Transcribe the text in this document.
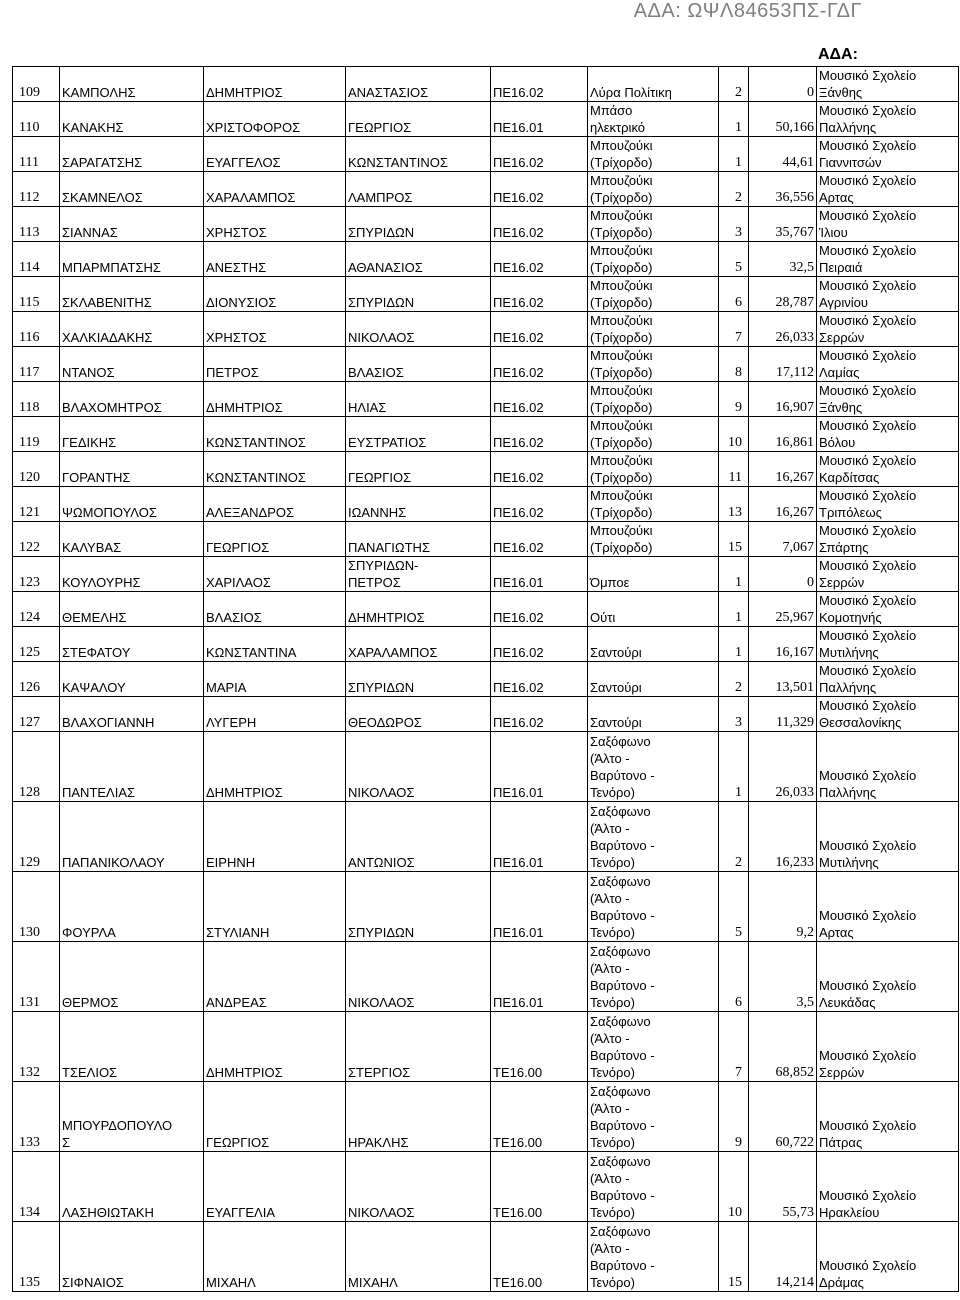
ΑΔΑ: ΩΨΛ84653ΠΣ-ΓΔΓ
ΑΔΑ:
109	ΚΑΜΠΟΛΗΣ	ΔΗΜΗΤΡΙΟΣ	ΑΝΑΣΤΑΣΙΟΣ	ΠΕ16.02	Λύρα Πολίτικη	2	0	Μουσικό Σχολείο
Ξάνθης
110	ΚΑΝΑΚΗΣ	ΧΡΙΣΤΟΦΟΡΟΣ	ΓΕΩΡΓΙΟΣ	ΠΕ16.01	Μπάσο
ηλεκτρικό	1	50,166	Μουσικό Σχολείο
Παλλήνης
111	ΣΑΡΑΓΑΤΣΗΣ	ΕΥΑΓΓΕΛΟΣ	ΚΩΝΣΤΑΝΤΙΝΟΣ	ΠΕ16.02	Μπουζούκι
(Τρίχορδο)	1	44,61	Μουσικό Σχολείο
Γιαννιτσών
112	ΣΚΑΜΝΕΛΟΣ	ΧΑΡΑΛΑΜΠΟΣ	ΛΑΜΠΡΟΣ	ΠΕ16.02	Μπουζούκι
(Τρίχορδο)	2	36,556	Μουσικό Σχολείο
Αρτας
113	ΣΙΑΝΝΑΣ	ΧΡΗΣΤΟΣ	ΣΠΥΡΙΔΩΝ	ΠΕ16.02	Μπουζούκι
(Τρίχορδο)	3	35,767	Μουσικό Σχολείο
Ίλιου
114	ΜΠΑΡΜΠΑΤΣΗΣ	ΑΝΕΣΤΗΣ	ΑΘΑΝΑΣΙΟΣ	ΠΕ16.02	Μπουζούκι
(Τρίχορδο)	5	32,5	Μουσικό Σχολείο
Πειραιά
115	ΣΚΛΑΒΕΝΙΤΗΣ	ΔΙΟΝΥΣΙΟΣ	ΣΠΥΡΙΔΩΝ	ΠΕ16.02	Μπουζούκι
(Τρίχορδο)	6	28,787	Μουσικό Σχολείο
Αγρινίου
116	ΧΑΛΚΙΑΔΑΚΗΣ	ΧΡΗΣΤΟΣ	ΝΙΚΟΛΑΟΣ	ΠΕ16.02	Μπουζούκι
(Τρίχορδο)	7	26,033	Μουσικό Σχολείο
Σερρών
117	ΝΤΑΝΟΣ	ΠΕΤΡΟΣ	ΒΛΑΣΙΟΣ	ΠΕ16.02	Μπουζούκι
(Τρίχορδο)	8	17,112	Μουσικό Σχολείο
Λαμίας
118	ΒΛΑΧΟΜΗΤΡΟΣ	ΔΗΜΗΤΡΙΟΣ	ΗΛΙΑΣ	ΠΕ16.02	Μπουζούκι
(Τρίχορδο)	9	16,907	Μουσικό Σχολείο
Ξάνθης
119	ΓΕΔΙΚΗΣ	ΚΩΝΣΤΑΝΤΙΝΟΣ	ΕΥΣΤΡΑΤΙΟΣ	ΠΕ16.02	Μπουζούκι
(Τρίχορδο)	10	16,861	Μουσικό Σχολείο
Βόλου
120	ΓΟΡΑΝΤΗΣ	ΚΩΝΣΤΑΝΤΙΝΟΣ	ΓΕΩΡΓΙΟΣ	ΠΕ16.02	Μπουζούκι
(Τρίχορδο)	11	16,267	Μουσικό Σχολείο
Καρδίτσας
121	ΨΩΜΟΠΟΥΛΟΣ	ΑΛΕΞΑΝΔΡΟΣ	ΙΩΑΝΝΗΣ	ΠΕ16.02	Μπουζούκι
(Τρίχορδο)	13	16,267	Μουσικό Σχολείο
Τριπόλεως
122	ΚΑΛΥΒΑΣ	ΓΕΩΡΓΙΟΣ	ΠΑΝΑΓΙΩΤΗΣ	ΠΕ16.02	Μπουζούκι
(Τρίχορδο)	15	7,067	Μουσικό Σχολείο
Σπάρτης
123	ΚΟΥΛΟΥΡΗΣ	ΧΑΡΙΛΑΟΣ	ΣΠΥΡΙΔΩΝ-
ΠΕΤΡΟΣ	ΠΕ16.01	Όμποε	1	0	Μουσικό Σχολείο
Σερρών
124	ΘΕΜΕΛΗΣ	ΒΛΑΣΙΟΣ	ΔΗΜΗΤΡΙΟΣ	ΠΕ16.02	Ούτι	1	25,967	Μουσικό Σχολείο
Κομοτηνής
125	ΣΤΕΦΑΤΟΥ	ΚΩΝΣΤΑΝΤΙΝΑ	ΧΑΡΑΛΑΜΠΟΣ	ΠΕ16.02	Σαντούρι	1	16,167	Μουσικό Σχολείο
Μυτιλήνης
126	ΚΑΨΑΛΟΥ	ΜΑΡΙΑ	ΣΠΥΡΙΔΩΝ	ΠΕ16.02	Σαντούρι	2	13,501	Μουσικό Σχολείο
Παλλήνης
127	ΒΛΑΧΟΓΙΑΝΝΗ	ΛΥΓΕΡΗ	ΘΕΟΔΩΡΟΣ	ΠΕ16.02	Σαντούρι	3	11,329	Μουσικό Σχολείο
Θεσσαλονίκης
128	ΠΑΝΤΕΛΙΑΣ	ΔΗΜΗΤΡΙΟΣ	ΝΙΚΟΛΑΟΣ	ΠΕ16.01	Σαξόφωνο
(Άλτο -
Βαρύτονο -
Τενόρο)	1	26,033	Μουσικό Σχολείο
Παλλήνης
129	ΠΑΠΑΝΙΚΟΛΑΟΥ	ΕΙΡΗΝΗ	ΑΝΤΩΝΙΟΣ	ΠΕ16.01	Σαξόφωνο
(Άλτο -
Βαρύτονο -
Τενόρο)	2	16,233	Μουσικό Σχολείο
Μυτιλήνης
130	ΦΟΥΡΛΑ	ΣΤΥΛΙΑΝΗ	ΣΠΥΡΙΔΩΝ	ΠΕ16.01	Σαξόφωνο
(Άλτο -
Βαρύτονο -
Τενόρο)	5	9,2	Μουσικό Σχολείο
Αρτας
131	ΘΕΡΜΟΣ	ΑΝΔΡΕΑΣ	ΝΙΚΟΛΑΟΣ	ΠΕ16.01	Σαξόφωνο
(Άλτο -
Βαρύτονο -
Τενόρο)	6	3,5	Μουσικό Σχολείο
Λευκάδας
132	ΤΣΕΛΙΟΣ	ΔΗΜΗΤΡΙΟΣ	ΣΤΕΡΓΙΟΣ	ΤΕ16.00	Σαξόφωνο
(Άλτο -
Βαρύτονο -
Τενόρο)	7	68,852	Μουσικό Σχολείο
Σερρών
133	ΜΠΟΥΡΔΟΠΟΥΛΟ
Σ	ΓΕΩΡΓΙΟΣ	ΗΡΑΚΛΗΣ	ΤΕ16.00	Σαξόφωνο
(Άλτο -
Βαρύτονο -
Τενόρο)	9	60,722	Μουσικό Σχολείο
Πάτρας
134	ΛΑΣΗΘΙΩΤΑΚΗ	ΕΥΑΓΓΕΛΙΑ	ΝΙΚΟΛΑΟΣ	ΤΕ16.00	Σαξόφωνο
(Άλτο -
Βαρύτονο -
Τενόρο)	10	55,73	Μουσικό Σχολείο
Ηρακλείου
135	ΣΙΦΝΑΙΟΣ	ΜΙΧΑΗΛ	ΜΙΧΑΗΛ	ΤΕ16.00	Σαξόφωνο
(Άλτο -
Βαρύτονο -
Τενόρο)	15	14,214	Μουσικό Σχολείο
Δράμας
